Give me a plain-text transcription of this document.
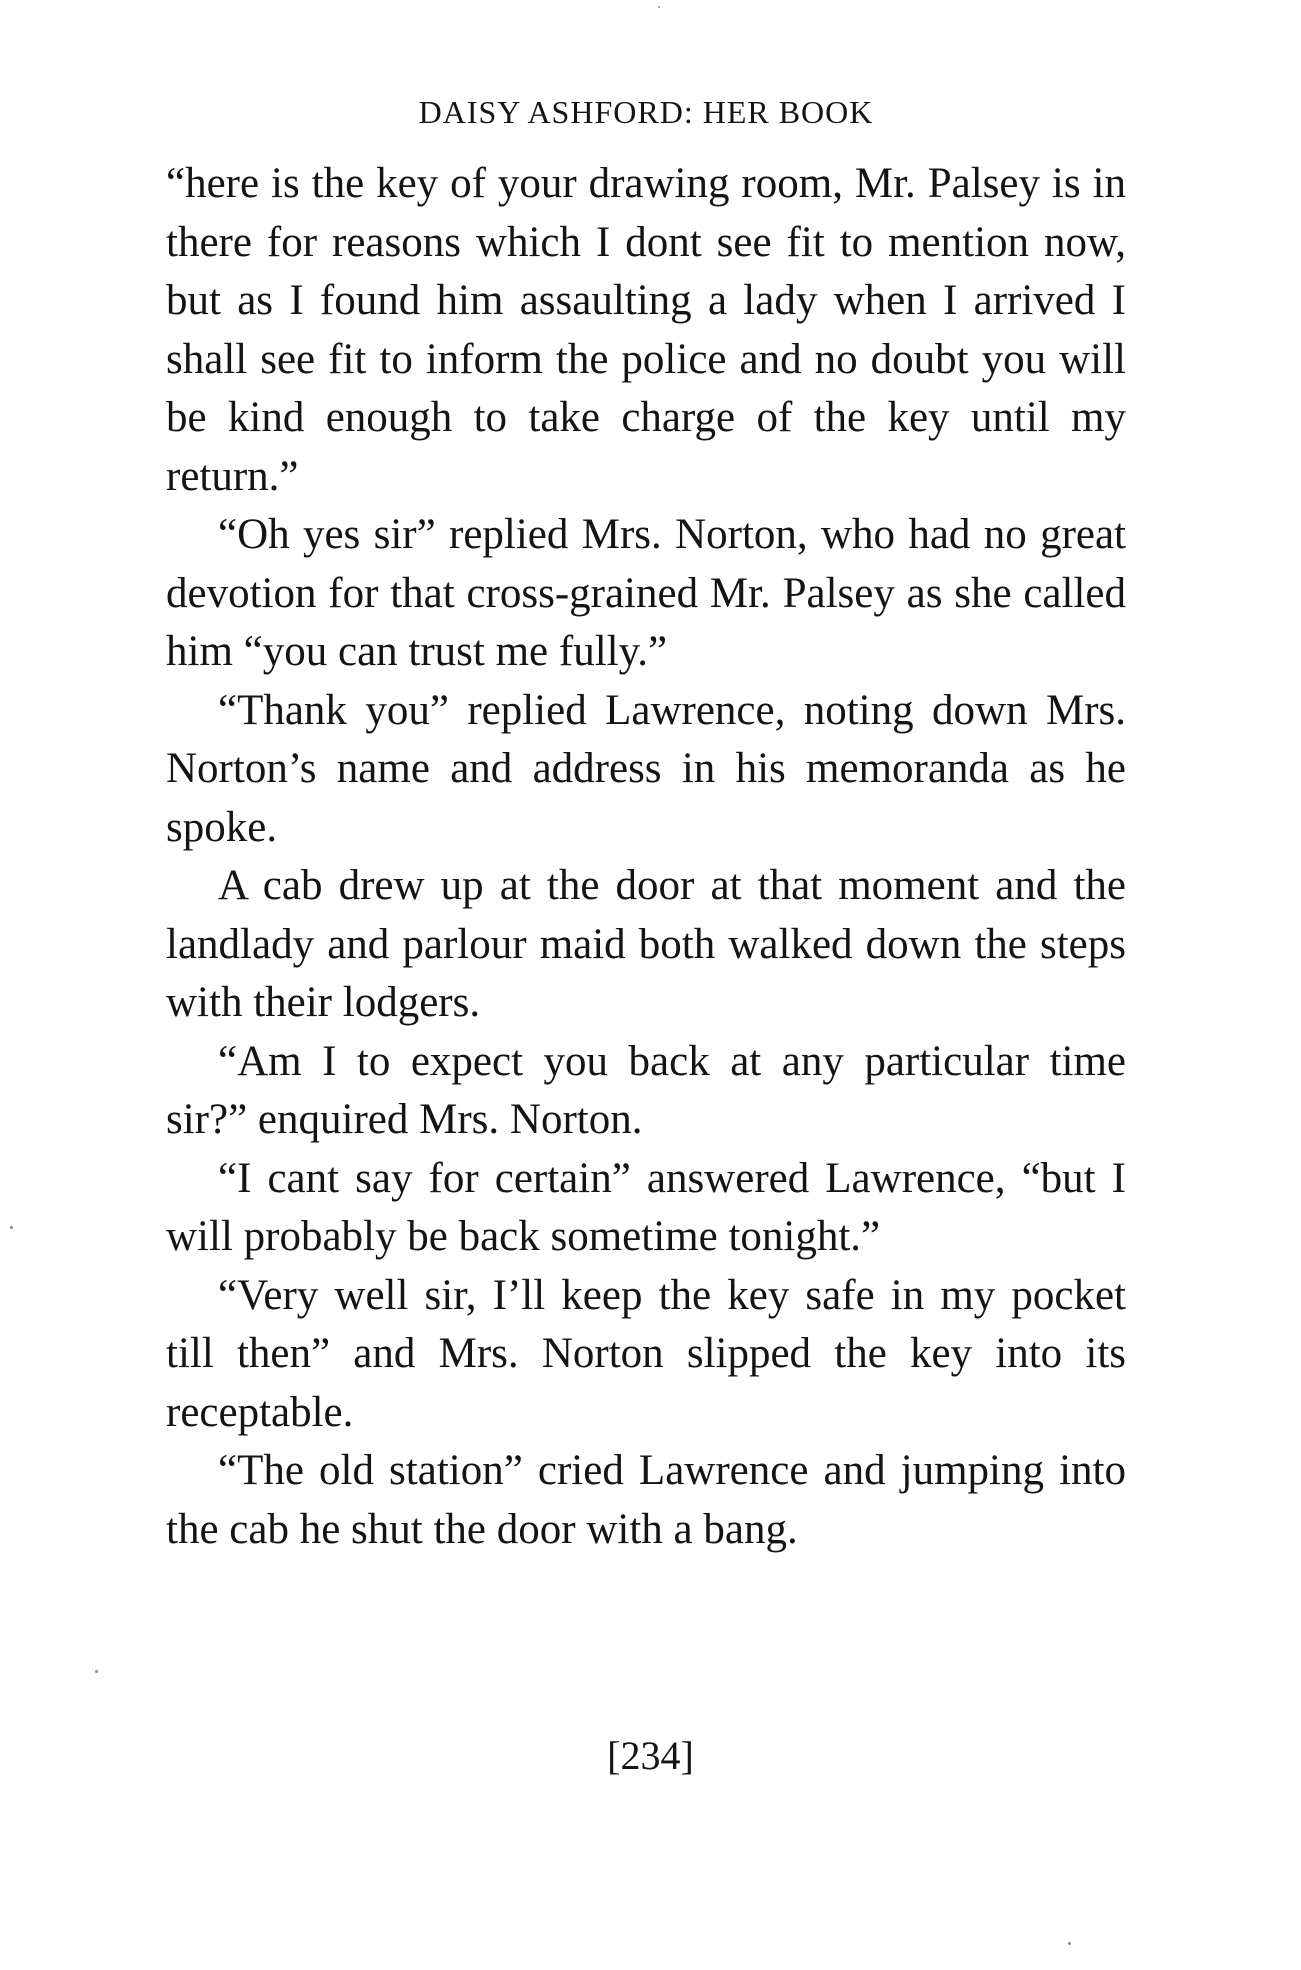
DAISY ASHFORD: HER BOOK

“here is the key of your drawing room, Mr. Palsey is in there for reasons which I dont see fit to mention now, but as I found him assaulting a lady when I arrived I shall see fit to inform the police and no doubt you will be kind enough to take charge of the key until my return.”

“Oh yes sir” replied Mrs. Norton, who had no great devotion for that cross-grained Mr. Palsey as she called him “you can trust me fully.”

“Thank you” replied Lawrence, noting down Mrs. Norton’s name and address in his memoranda as he spoke.

A cab drew up at the door at that moment and the landlady and parlour maid both walked down the steps with their lodgers.

“Am I to expect you back at any particular time sir?” enquired Mrs. Norton.

“I cant say for certain” answered Lawrence, “but I will probably be back sometime tonight.”

“Very well sir, I’ll keep the key safe in my pocket till then” and Mrs. Norton slipped the key into its receptable.

“The old station” cried Lawrence and jumping into the cab he shut the door with a bang.

[234]
